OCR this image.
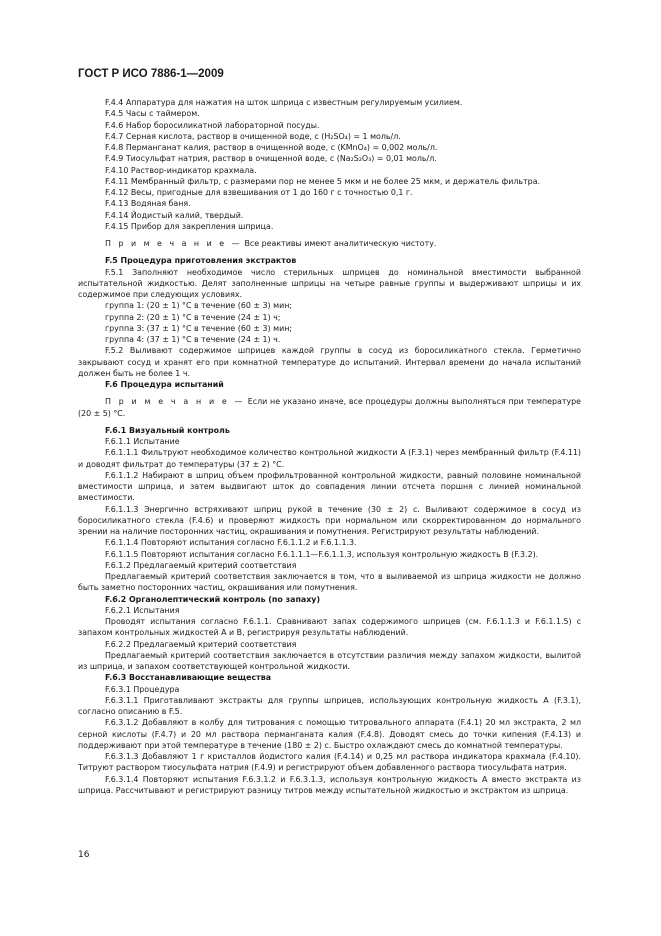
ГОСТ Р ИСО 7886-1—2009

F.4.4 Аппаратура для нажатия на шток шприца с известным регулируемым усилием.

F.4.5 Часы с таймером.

F.4.6 Набор боросиликатной лабораторной посуды.

F.4.7 Серная кислота, раствор в очищенной воде, c (H₂SO₄) = 1 моль/л.

F.4.8 Перманганат калия, раствор в очищенной воде, c (KMnO₄) = 0,002 моль/л.

F.4.9 Тиосульфат натрия, раствор в очищенной воде, c (Na₂S₂O₃) = 0,01 моль/л.

F.4.10 Раствор-индикатор крахмала.

F.4.11 Мембранный фильтр, с размерами пор не менее 5 мкм и не более 25 мкм, и держатель фильтра.

F.4.12 Весы, пригодные для взвешивания от 1 до 160 г с точностью 0,1 г.

F.4.13 Водяная баня.

F.4.14 Йодистый калий, твердый.

F.4.15 Прибор для закрепления шприца.

П р и м е ч а н и е — Все реактивы имеют аналитическую чистоту.

F.5 Процедура приготовления экстрактов

F.5.1 Заполняют необходимое число стерильных шприцев до номинальной вместимости выбранной испытательной жидкостью. Делят заполненные шприцы на четыре равные группы и выдерживают шприцы и их содержимое при следующих условиях.

группа 1: (20 ± 1) °С в течение (60 ± 3) мин;

группа 2: (20 ± 1) °С в течение (24 ± 1) ч;

группа 3: (37 ± 1) °С в течение (60 ± 3) мин;

группа 4: (37 ± 1) °С в течение (24 ± 1) ч.

F.5.2 Выливают содержимое шприцев каждой группы в сосуд из боросиликатного стекла. Герметично закрывают сосуд и хранят его при комнатной температуре до испытаний. Интервал времени до начала испытаний должен быть не более 1 ч.

F.6 Процедура испытаний

П р и м е ч а н и е — Если не указано иначе, все процедуры должны выполняться при температуре (20 ± 5) °С.

F.6.1 Визуальный контроль

F.6.1.1 Испытание

F.6.1.1.1 Фильтруют необходимое количество контрольной жидкости А (F.3.1) через мембранный фильтр (F.4.11) и доводят фильтрат до температуры (37 ± 2) °С.

F.6.1.1.2 Набирают в шприц объем профильтрованной контрольной жидкости, равный половине номинальной вместимости шприца, и затем выдвигают шток до совпадения линии отсчета поршня с линией номинальной вместимости.

F.6.1.1.3 Энергично встряхивают шприц рукой в течение (30 ± 2) с. Выливают содержимое в сосуд из боросиликатного стекла (F.4.6) и проверяют жидкость при нормальном или скорректированном до нормального зрении на наличие посторонних частиц, окрашивания и помутнения. Регистрируют результаты наблюдений.

F.6.1.1.4 Повторяют испытания согласно F.6.1.1.2 и F.6.1.1.3.

F.6.1.1.5 Повторяют испытания согласно F.6.1.1.1—F.6.1.1.3, используя контрольную жидкость В (F.3.2).

F.6.1.2 Предлагаемый критерий соответствия

Предлагаемый критерий соответствия заключается в том, что в выливаемой из шприца жидкости не должно быть заметно посторонних частиц, окрашивания или помутнения.

F.6.2 Органолептический контроль (по запаху)

F.6.2.1 Испытания

Проводят испытания согласно F.6.1.1. Сравнивают запах содержимого шприцев (см. F.6.1.1.3 и F.6.1.1.5) с запахом контрольных жидкостей А и В, регистрируя результаты наблюдений.

F.6.2.2 Предлагаемый критерий соответствия

Предлагаемый критерий соответствия заключается в отсутствии различия между запахом жидкости, вылитой из шприца, и запахом соответствующей контрольной жидкости.

F.6.3 Восстанавливающие вещества

F.6.3.1 Процедура

F.6.3.1.1 Приготавливают экстракты для группы шприцев, использующих контрольную жидкость А (F.3.1), согласно описанию в F.5.

F.6.3.1.2 Добавляют в колбу для титрования с помощью титровального аппарата (F.4.1) 20 мл экстракта, 2 мл серной кислоты (F.4.7) и 20 мл раствора перманганата калия (F.4.8). Доводят смесь до точки кипения (F.4.13) и поддерживают при этой температуре в течение (180 ± 2) с. Быстро охлаждают смесь до комнатной температуры.

F.6.3.1.3 Добавляют 1 г кристаллов йодистого калия (F.4.14) и 0,25 мл раствора индикатора крахмала (F.4.10). Титруют раствором тиосульфата натрия (F.4.9) и регистрируют объем добавленного раствора тиосульфата натрия.

F.6.3.1.4 Повторяют испытания F.6.3.1.2 и F.6.3.1.3, используя контрольную жидкость А вместо экстракта из шприца. Рассчитывают и регистрируют разницу титров между испытательной жидкостью и экстрактом из шприца.

16
